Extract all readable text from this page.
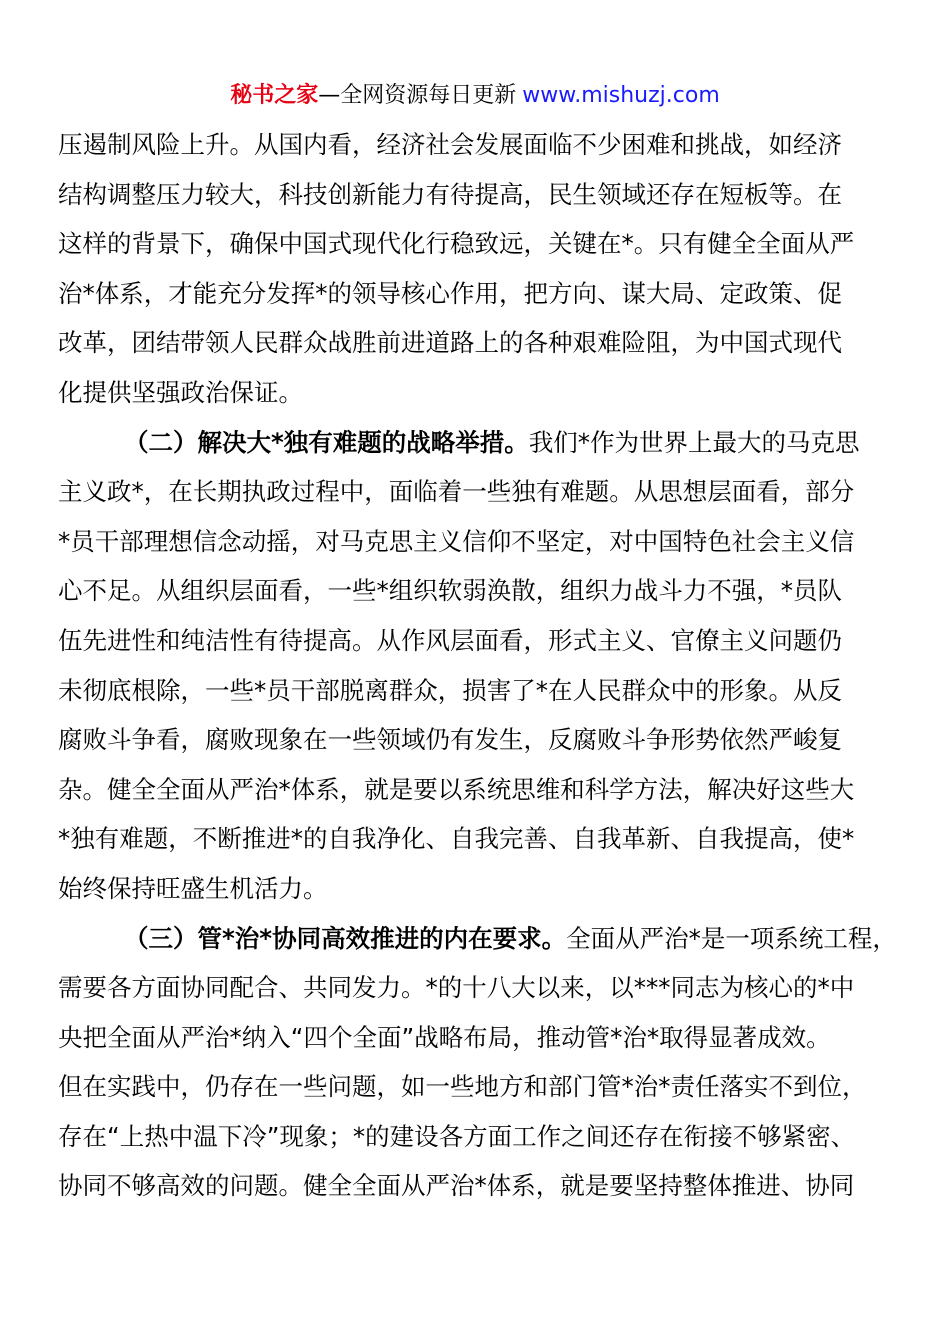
秘书之家—全网资源每日更新 www.mishuzj.com
压遏制风险上升。从国内看，经济社会发展面临不少困难和挑战，如经济
结构调整压力较大，科技创新能力有待提高，民生领域还存在短板等。在
这样的背景下，确保中国式现代化行稳致远，关键在*。只有健全全面从严
治*体系，才能充分发挥*的领导核心作用，把方向、谋大局、定政策、促
改革，团结带领人民群众战胜前进道路上的各种艰难险阻，为中国式现代
化提供坚强政治保证。
（二）解决大*独有难题的战略举措。我们*作为世界上最大的马克思
主义政*，在长期执政过程中，面临着一些独有难题。从思想层面看，部分
*员干部理想信念动摇，对马克思主义信仰不坚定，对中国特色社会主义信
心不足。从组织层面看，一些*组织软弱涣散，组织力战斗力不强，*员队
伍先进性和纯洁性有待提高。从作风层面看，形式主义、官僚主义问题仍
未彻底根除，一些*员干部脱离群众，损害了*在人民群众中的形象。从反
腐败斗争看，腐败现象在一些领域仍有发生，反腐败斗争形势依然严峻复
杂。健全全面从严治*体系，就是要以系统思维和科学方法，解决好这些大
*独有难题，不断推进*的自我净化、自我完善、自我革新、自我提高，使*
始终保持旺盛生机活力。
（三）管*治*协同高效推进的内在要求。全面从严治*是一项系统工程，
需要各方面协同配合、共同发力。*的十八大以来，以***同志为核心的*中
央把全面从严治*纳入“四个全面”战略布局，推动管*治*取得显著成效。
但在实践中，仍存在一些问题，如一些地方和部门管*治*责任落实不到位，
存在“上热中温下冷”现象；*的建设各方面工作之间还存在衔接不够紧密、
协同不够高效的问题。健全全面从严治*体系，就是要坚持整体推进、协同
